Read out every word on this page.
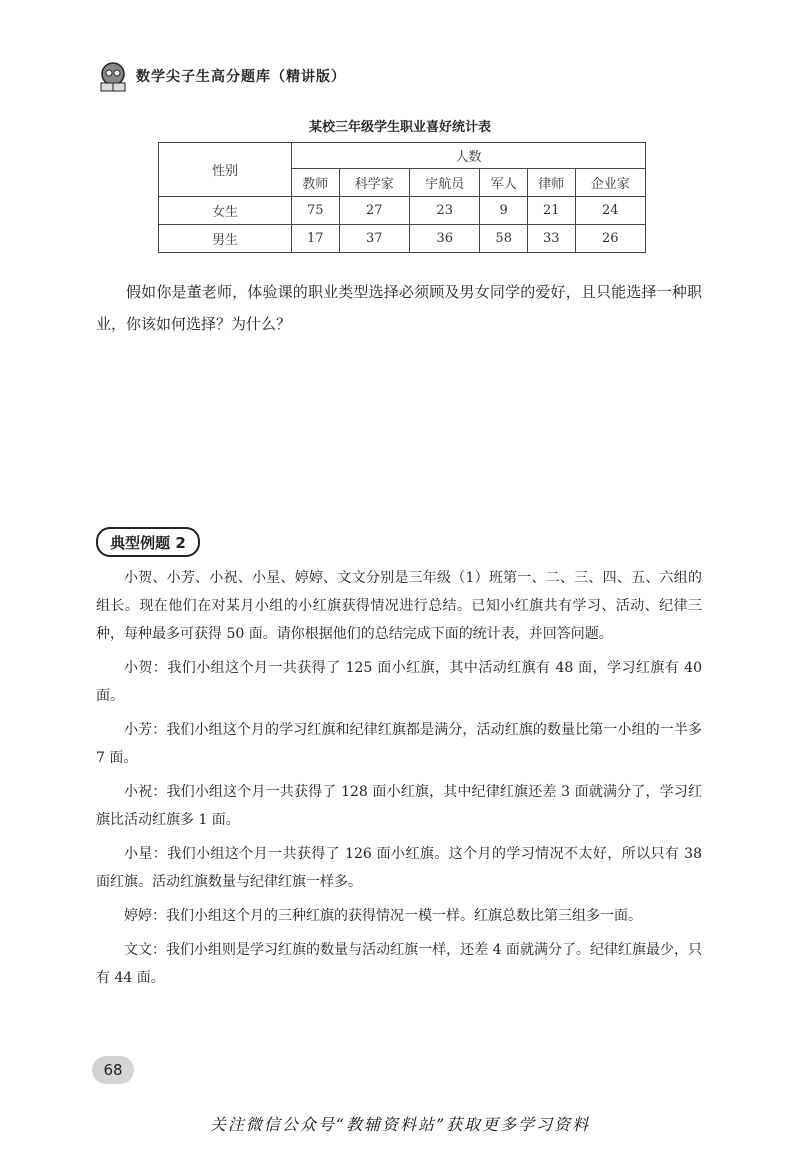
数学尖子生高分题库（精讲版）
某校三年级学生职业喜好统计表
性别	人数					
	教师	科学家	宇航员	军人	律师	企业家
女生	75	27	23	9	21	24
男生	17	37	36	58	33	26
假如你是董老师，体验课的职业类型选择必须顾及男女同学的爱好，且只能选择一种职业，你该如何选择？为什么？
典型例题 2

小贺、小芳、小祝、小星、婷婷、文文分别是三年级（1）班第一、二、三、四、五、六组的组长。现在他们在对某月小组的小红旗获得情况进行总结。已知小红旗共有学习、活动、纪律三种，每种最多可获得 50 面。请你根据他们的总结完成下面的统计表，并回答问题。

小贺：我们小组这个月一共获得了 125 面小红旗，其中活动红旗有 48 面，学习红旗有 40 面。

小芳：我们小组这个月的学习红旗和纪律红旗都是满分，活动红旗的数量比第一小组的一半多 7 面。

小祝：我们小组这个月一共获得了 128 面小红旗，其中纪律红旗还差 3 面就满分了，学习红旗比活动红旗多 1 面。

小星：我们小组这个月一共获得了 126 面小红旗。这个月的学习情况不太好，所以只有 38 面红旗。活动红旗数量与纪律红旗一样多。

婷婷：我们小组这个月的三种红旗的获得情况一模一样。红旗总数比第三组多一面。

文文：我们小组则是学习红旗的数量与活动红旗一样，还差 4 面就满分了。纪律红旗最少，只有 44 面。

68
关注微信公众号“教辅资料站”获取更多学习资料
